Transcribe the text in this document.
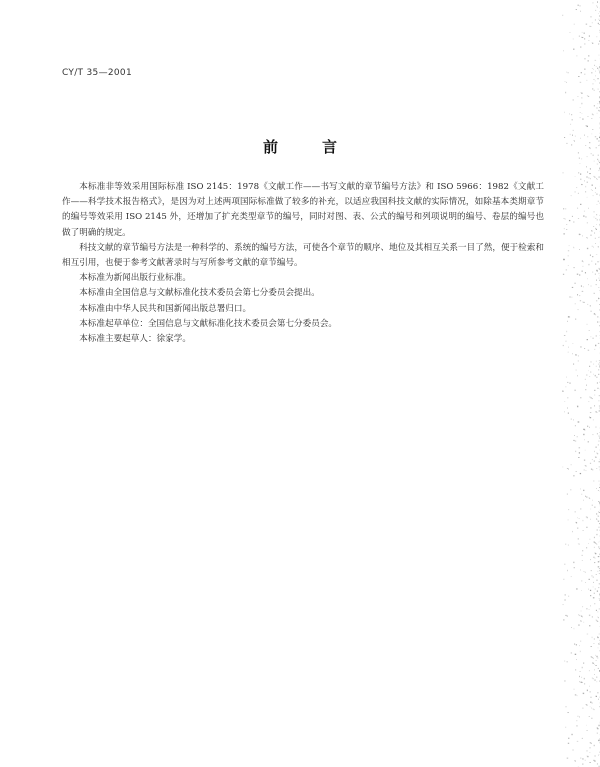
CY/T 35—2001
前言

本标准非等效采用国际标准 ISO 2145：1978《文献工作——书写文献的章节编号方法》和 ISO 5966：1982《文献工作——科学技术报告格式》，是因为对上述两项国际标准做了较多的补充，以适应我国科技文献的实际情况，如除基本类期章节的编号等效采用 ISO 2145 外，还增加了扩充类型章节的编号，同时对图、表、公式的编号和列项说明的编号、卷层的编号也做了明确的规定。

科技文献的章节编号方法是一种科学的、系统的编号方法，可使各个章节的顺序、地位及其相互关系一目了然，便于检索和相互引用，也便于参考文献著录时与写所参考文献的章节编号。

本标准为新闻出版行业标准。

本标准由全国信息与文献标准化技术委员会第七分委员会提出。

本标准由中华人民共和国新闻出版总署归口。

本标准起草单位：全国信息与文献标准化技术委员会第七分委员会。

本标准主要起草人：徐家学。
